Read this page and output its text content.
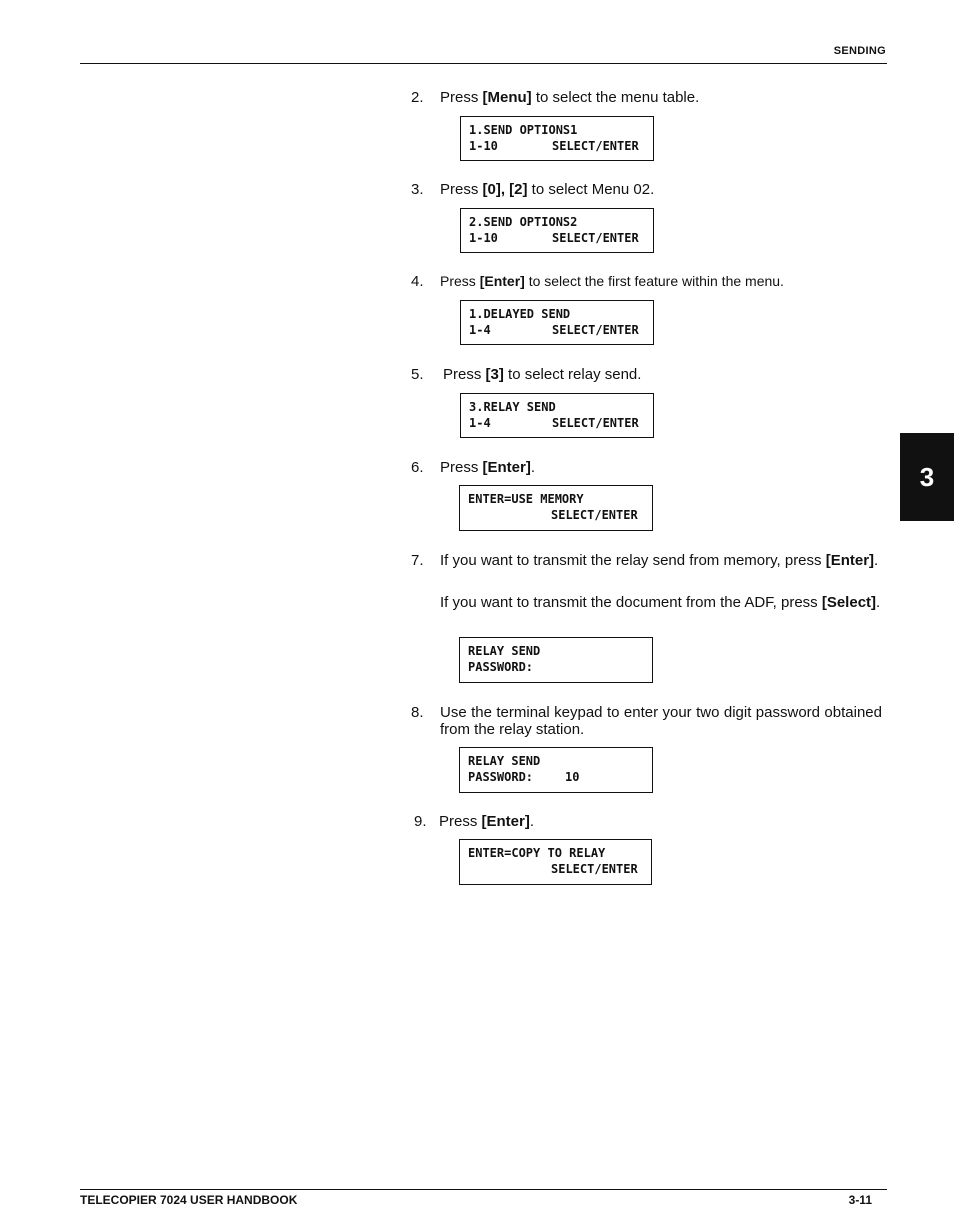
SENDING
3
2. Press [Menu] to select the menu table.
1.SEND OPTIONS1
1-10	SELECT/ENTER
3. Press [0], [2] to select Menu 02.
2.SEND OPTIONS2
1-10	SELECT/ENTER
4. Press [Enter] to select the first feature within the menu.
1.DELAYED SEND
1-4	SELECT/ENTER
5. Press [3] to select relay send.
3.RELAY SEND
1-4	SELECT/ENTER
6. Press [Enter].
ENTER=USE MEMORY
SELECT/ENTER
7. If you want to transmit the relay send from memory, press [Enter].
If you want to transmit the document from the ADF, press [Select].
RELAY SEND
PASSWORD:
8. Use the terminal keypad to enter your two digit password obtained from the relay station.
RELAY SEND
PASSWORD:	10
9. Press [Enter].
ENTER=COPY TO RELAY
SELECT/ENTER
TELECOPIER 7024 USER HANDBOOK	3-11
